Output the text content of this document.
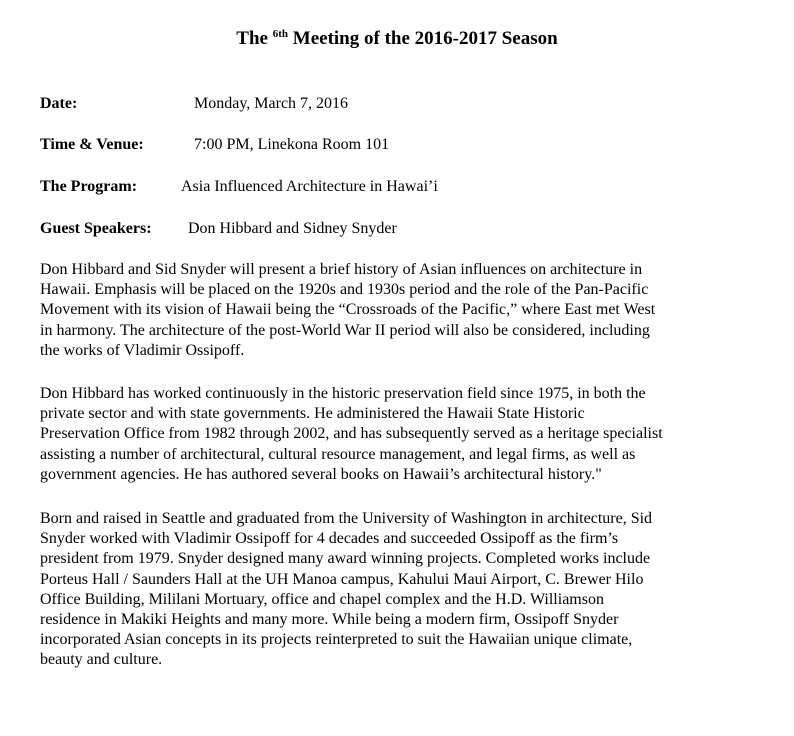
The $^{6th}$ Meeting of the 2016-2017 Season
Date:	Monday, March 7, 2016
Time & Venue:	7:00 PM, Linekona Room 101
The Program:	Asia Influenced Architecture in Hawai’i
Guest Speakers: Don Hibbard and Sidney Snyder

Don Hibbard and Sid Snyder will present a brief history of Asian influences on architecture in
Hawaii. Emphasis will be placed on the 1920s and 1930s period and the role of the Pan-Pacific
Movement with its vision of Hawaii being the “Crossroads of the Pacific,” where East met West
in harmony. The architecture of the post-World War II period will also be considered, including
the works of Vladimir Ossipoff.

Don Hibbard has worked continuously in the historic preservation field since 1975, in both the
private sector and with state governments. He administered the Hawaii State Historic
Preservation Office from 1982 through 2002, and has subsequently served as a heritage specialist
assisting a number of architectural, cultural resource management, and legal firms, as well as
government agencies. He has authored several books on Hawaii’s architectural history."

Born and raised in Seattle and graduated from the University of Washington in architecture, Sid
Snyder worked with Vladimir Ossipoff for 4 decades and succeeded Ossipoff as the firm’s
president from 1979. Snyder designed many award winning projects. Completed works include
Porteus Hall / Saunders Hall at the UH Manoa campus, Kahului Maui Airport, C. Brewer Hilo
Office Building, Mililani Mortuary, office and chapel complex and the H.D. Williamson
residence in Makiki Heights and many more. While being a modern firm, Ossipoff Snyder
incorporated Asian concepts in its projects reinterpreted to suit the Hawaiian unique climate,
beauty and culture.
